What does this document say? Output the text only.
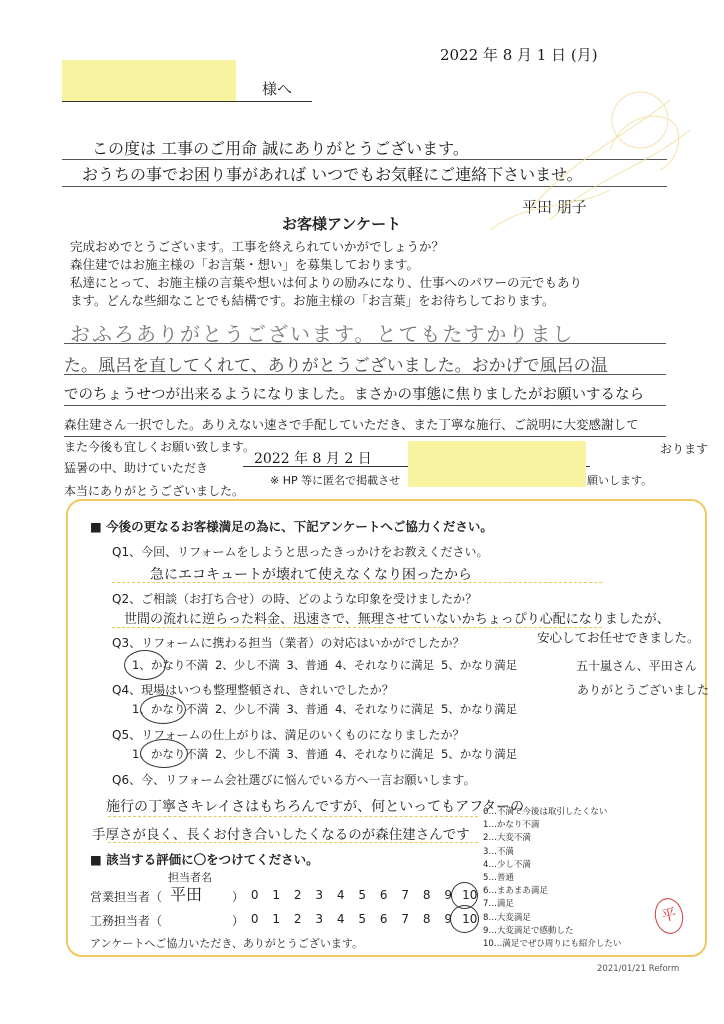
2022 年 8 月 1 日 (月)
様へ
この度は 工事のご用命 誠にありがとうございます。
おうちの事でお困り事があれば いつでもお気軽にご連絡下さいませ。
平田 朋子
お客様アンケート
完成おめでとうございます。工事を終えられていかがでしょうか？
森住建ではお施主様の「お言葉・想い」を募集しております。
私達にとって、お施主様の言葉や想いは何よりの励みになり、仕事へのパワーの元でもあり
ます。どんな些細なことでも結構です。お施主様の「お言葉」をお待ちしております。
おふろありがとうございます。とてもたすかりまし
た。風呂を直してくれて、ありがとうございました。おかげで風呂の温
でのちょうせつが出来るようになりました。まさかの事態に焦りましたがお願いするなら
森住建さん一択でした。ありえない速さで手配していただき、また丁寧な施行、ご説明に大変感謝して
また今後も宜しくお願い致します。	おります
猛暑の中、助けていただき
本当にありがとうございました。
2022 年 8 月 2 日
※ HP 等に匿名で掲載させ	願いします。
■ 今後の更なるお客様満足の為に、下記アンケートへご協力ください。
Q1、今回、リフォームをしようと思ったきっかけをお教えください。
急にエコキュートが壊れて使えなくなり困ったから
Q2、ご相談（お打ち合せ）の時、どのような印象を受けましたか？
世間の流れに逆らった料金、迅速さで、無理させていないかちょっぴり心配になりましたが、
安心してお任せできました。
Q3、リフォームに携わる担当（業者）の対応はいかがでしたか？
1、かなり不満 2、少し不満 3、普通 4、それなりに満足 5、かなり満足	五十嵐さん、平田さん
ありがとうございました
Q4、現場はいつも整理整頓され、きれいでしたか？
1、かなり不満 2、少し不満 3、普通 4、それなりに満足 5、かなり満足
Q5、リフォームの仕上がりは、満足のいくものになりましたか？
1、かなり不満 2、少し不満 3、普通 4、それなりに満足 5、かなり満足
Q6、今、リフォーム会社選びに悩んでいる方へ一言お願いします。
施行の丁寧さキレイさはもちろんですが、何といってもアフターの
手厚さが良く、長くお付き合いしたくなるのが森住建さんです
■ 該当する評価に〇をつけてください。
担当者名
営業担当者（ 平田 ） 0 1 2 3 4 5 6 7 8 9 10
工務担当者（	） 0 1 2 3 4 5 6 7 8 9 10
アンケートへご協力いただき、ありがとうございます。
0…不満で今後は取引したくない
1…かなり不満
2…大変不満
3…不満
4…少し不満
5…普通
6…まあまあ満足
7…満足
8…大変満足
9…大変満足で感動した
10…満足でぜひ周りにも紹介したい
平
2021/01/21 Reform
